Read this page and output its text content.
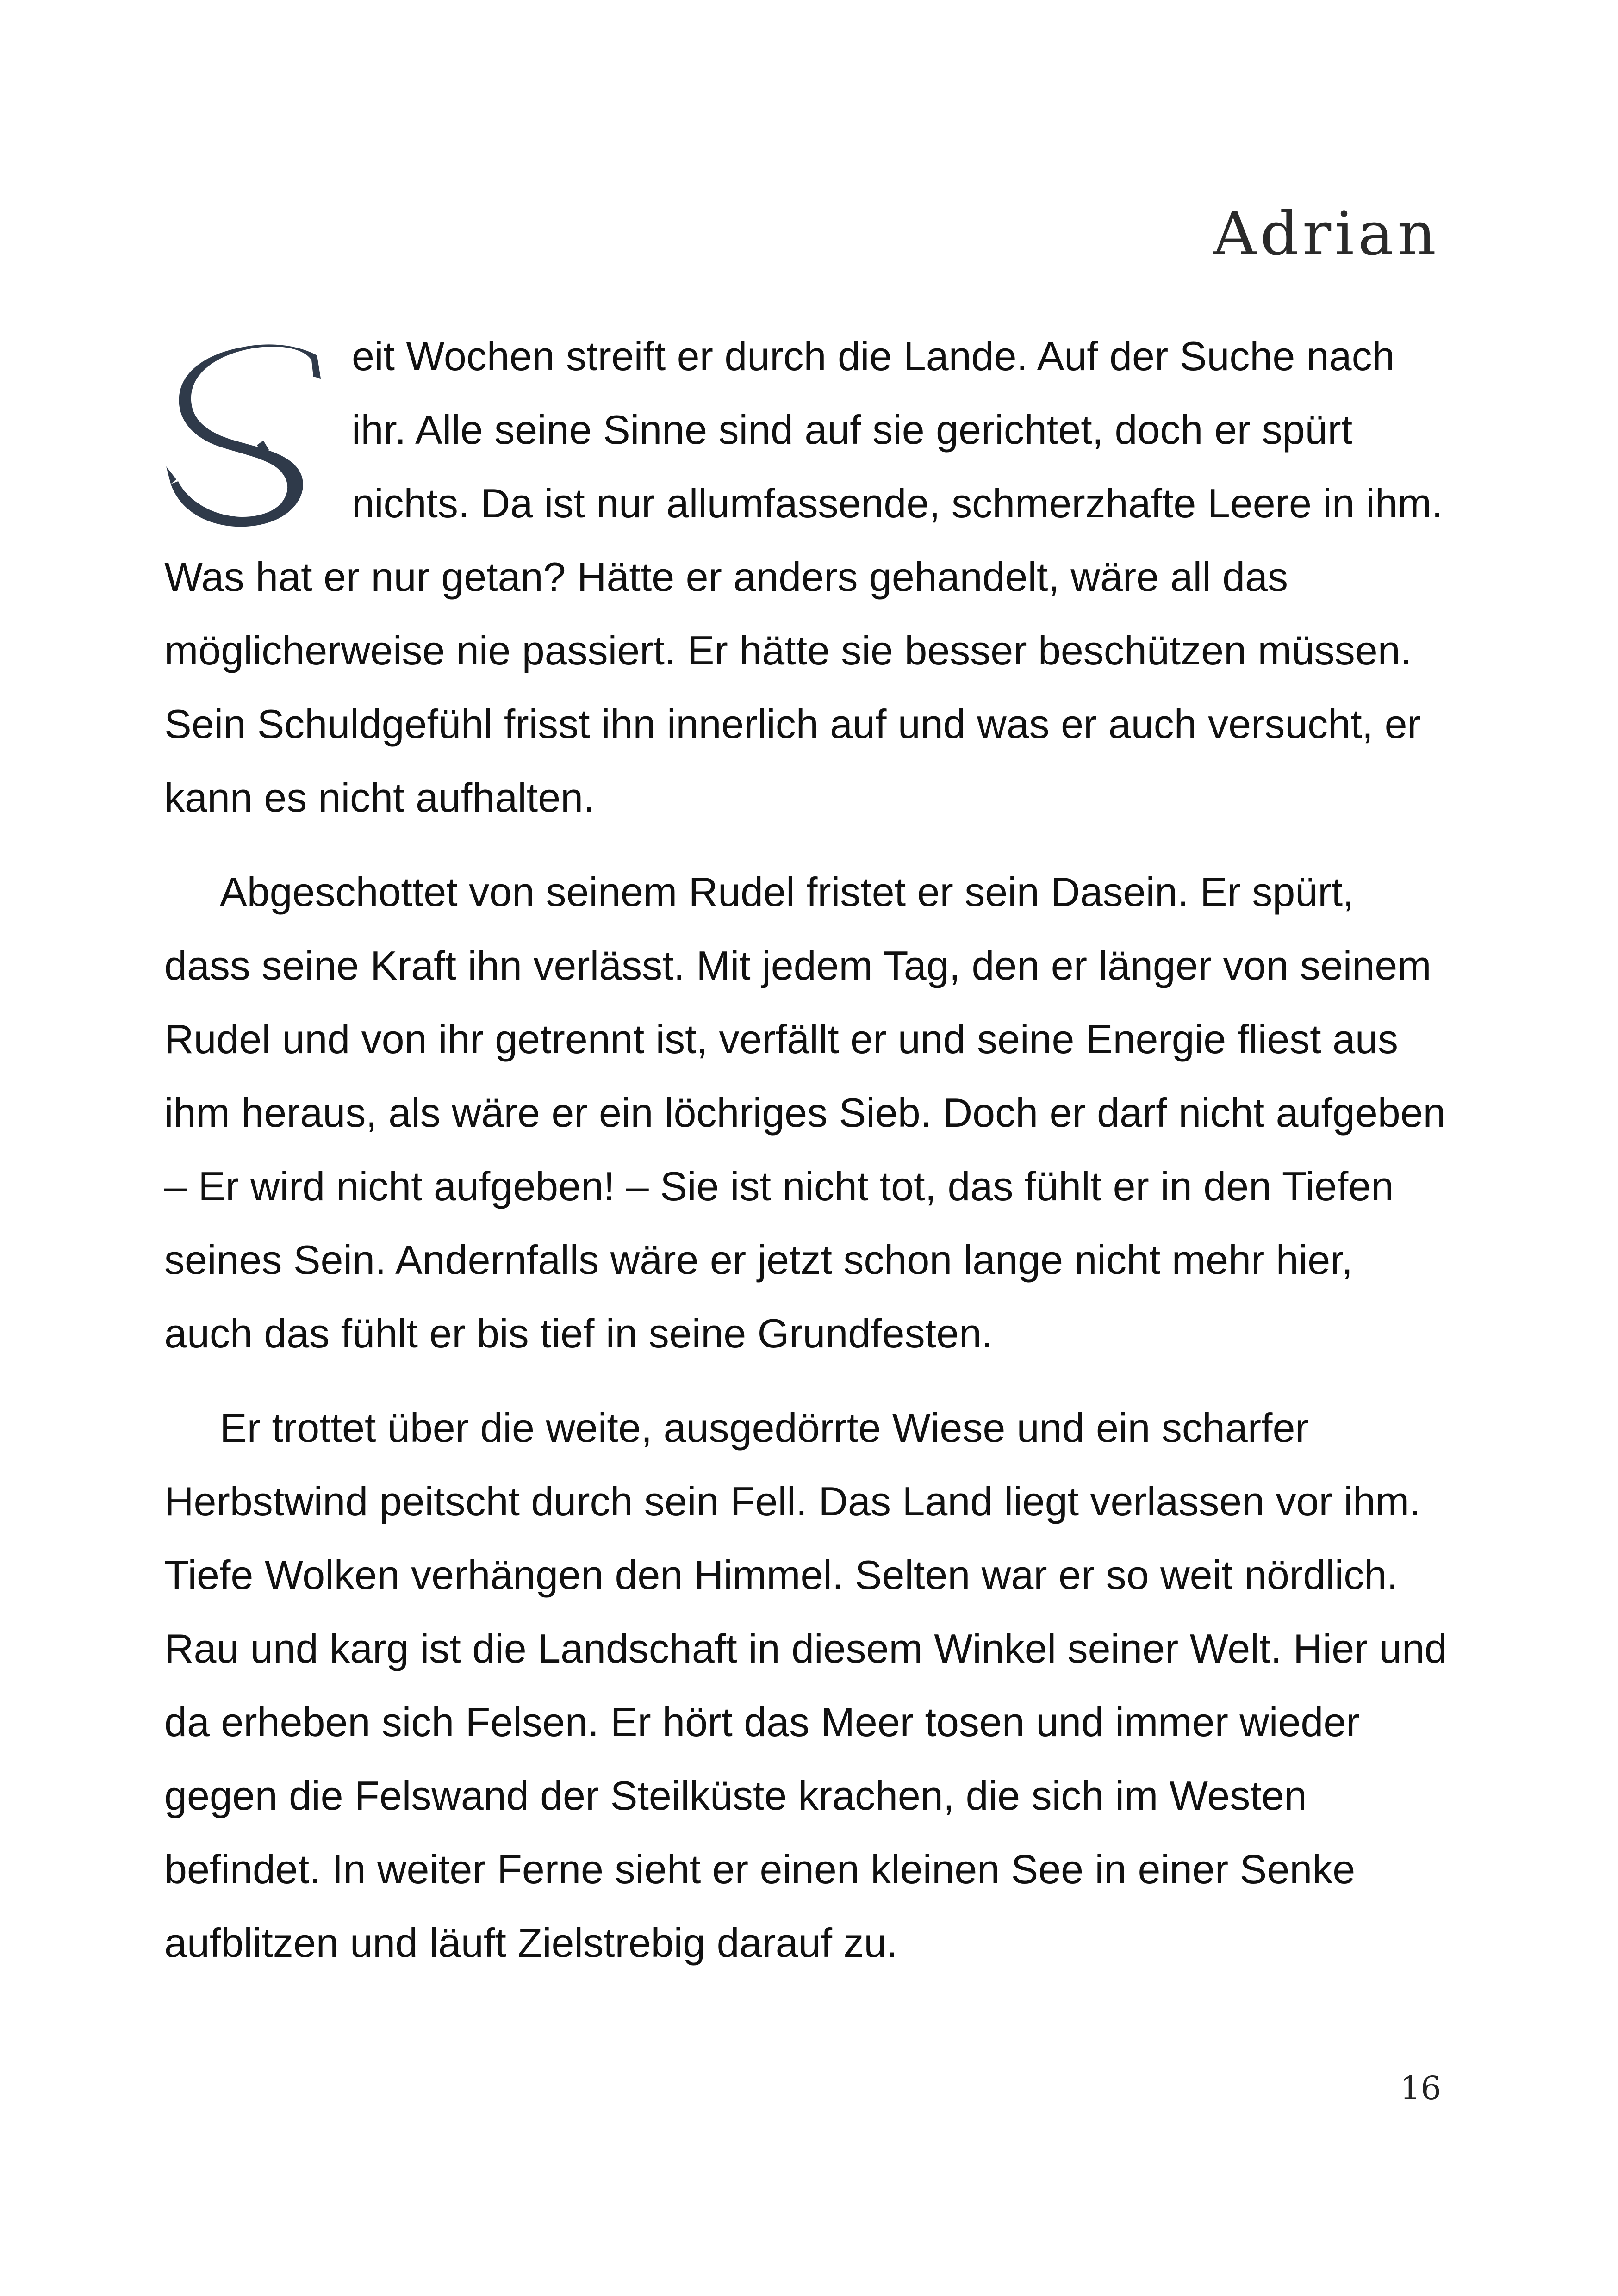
Adrian

eit Wochen streift er durch die Lande. Auf der Suche nach ihr. Alle seine Sinne sind auf sie gerichtet, doch er spürt nichts. Da ist nur allumfassende, schmerzhafte Leere in ihm. Was hat er nur getan? Hätte er anders gehandelt, wäre all das möglicherweise nie passiert. Er hätte sie besser beschützen müssen. Sein Schuldgefühl frisst ihn innerlich auf und was er auch versucht, er kann es nicht aufhalten.

Abgeschottet von seinem Rudel fristet er sein Dasein. Er spürt, dass seine Kraft ihn verlässt. Mit jedem Tag, den er länger von seinem Rudel und von ihr getrennt ist, verfällt er und seine Energie fliest aus ihm heraus, als wäre er ein löchriges Sieb. Doch er darf nicht aufgeben – Er wird nicht aufgeben! – Sie ist nicht tot, das fühlt er in den Tiefen seines Sein. Andernfalls wäre er jetzt schon lange nicht mehr hier, auch das fühlt er bis tief in seine Grundfesten.

Er trottet über die weite, ausgedörrte Wiese und ein scharfer Herbstwind peitscht durch sein Fell. Das Land liegt verlassen vor ihm. Tiefe Wolken verhängen den Himmel. Selten war er so weit nördlich. Rau und karg ist die Landschaft in diesem Winkel seiner Welt. Hier und da erheben sich Felsen. Er hört das Meer tosen und immer wieder gegen die Felswand der Steilküste krachen, die sich im Westen befindet. In weiter Ferne sieht er einen kleinen See in einer Senke aufblitzen und läuft Zielstrebig darauf zu.

16
